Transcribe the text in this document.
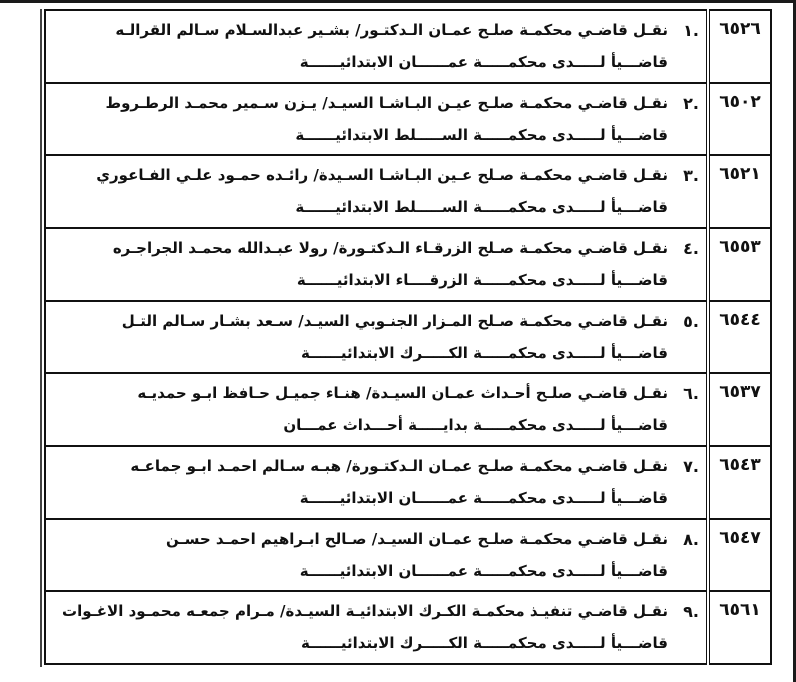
٦٥٢٦	.١	نقـل قاضـي محكمـة صلـح عمـان الـدكتـور/ بشـير عبدالسـلام سـالم القرالـه
قاضـــيأ لـــــدى محكمـــــة عمــــــان الابتدائيــــــة

٦٥٠٢	.٢	نقـل قاضـي محكمـة صلـح عيـن البـاشـا السيـد/ يـزن سـمير محمـد الرطـروط
قاضـــيأ لـــــدى محكمـــــة الســـــلط الابتدائيــــــة

٦٥٢١	.٣	نقـل قاضـي محكمـة صـلح عـين البـاشـا السـيدة/ رائـده حمـود علـي الفـاعوري
قاضـــيأ لـــــدى محكمـــــة الســـــلط الابتدائيــــــة

٦٥٥٣	.٤	نقـل قاضـي محكمـة صـلح الزرقـاء الـدكتـورة/ رولا عبـدالله محمـد الجراجـره
قاضـــيأ لـــــدى محكمـــــة الزرقــــاء الابتدائيــــــة

٦٥٤٤	.٥	نقـل قاضـي محكمـة صـلح المـزار الجنـوبي السيـد/ سـعد بشـار سـالم التـل
قاضـــيأ لـــــدى محكمـــــة الكـــــرك الابتدائيــــــة

٦٥٣٧	.٦	نقـل قاضـي صلـح أحـداث عمـان السيـدة/ هنـاء جميـل حـافظ ابـو حمديـه
قاضـــيأ لـــــدى محكمـــــة بدايـــــة أحـــداث عمـــان

٦٥٤٣	.٧	نقـل قاضـي محكمـة صلـح عمـان الـدكتـورة/ هبـه سـالم احمـد ابـو جماعـه
قاضـــيأ لـــــدى محكمـــــة عمــــــان الابتدائيــــــة

٦٥٤٧	.٨	نقـل قاضـي محكمـة صلـح عمـان السيـد/ صـالح ابـراهيم احمـد حسـن
قاضـــيأ لـــــدى محكمـــــة عمــــــان الابتدائيــــــة

٦٥٦١	.٩	نقـل قاضـي تنفيـذ محكمـة الكـرك الابتدائيـة السيـدة/ مـرام جمعـه محمـود الاغـوات
قاضـــيأ لـــــدى محكمـــــة الكـــــرك الابتدائيــــــة
